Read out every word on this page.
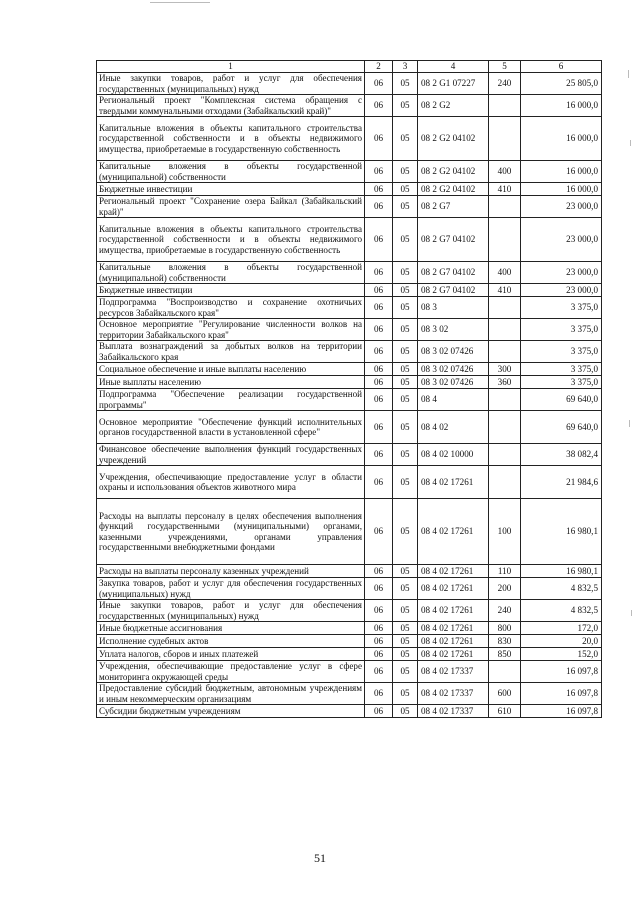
1	2	3	4	5	6
Иные закупки товаров, работ и услуг для обеспечения государственных (муниципальных) нужд	06	05	08 2 G1 07227	240	25 805,0
Региональный проект "Комплексная система обращения с твердыми коммунальными отходами (Забайкальский край)"	06	05	08 2 G2		16 000,0
Капитальные вложения в объекты капитального строительства государственной собственности и в объекты недвижимого имущества, приобретаемые в государственную собственность	06	05	08 2 G2 04102		16 000,0
Капитальные вложения в объекты государственной (муниципальной) собственности	06	05	08 2 G2 04102	400	16 000,0
Бюджетные инвестиции	06	05	08 2 G2 04102	410	16 000,0
Региональный проект "Сохранение озера Байкал (Забайкальский край)"	06	05	08 2 G7		23 000,0
Капитальные вложения в объекты капитального строительства государственной собственности и в объекты недвижимого имущества, приобретаемые в государственную собственность	06	05	08 2 G7 04102		23 000,0
Капитальные вложения в объекты государственной (муниципальной) собственности	06	05	08 2 G7 04102	400	23 000,0
Бюджетные инвестиции	06	05	08 2 G7 04102	410	23 000,0
Подпрограмма "Воспроизводство и сохранение охотничьих ресурсов Забайкальского края"	06	05	08 3		3 375,0
Основное мероприятие "Регулирование численности волков на территории Забайкальского края"	06	05	08 3 02		3 375,0
Выплата вознаграждений за добытых волков на территории Забайкальского края	06	05	08 3 02 07426		3 375,0
Социальное обеспечение и иные выплаты населению	06	05	08 3 02 07426	300	3 375,0
Иные выплаты населению	06	05	08 3 02 07426	360	3 375,0
Подпрограмма "Обеспечение реализации государственной программы"	06	05	08 4		69 640,0
Основное мероприятие "Обеспечение функций исполнительных органов государственной власти в установленной сфере"	06	05	08 4 02		69 640,0
Финансовое обеспечение выполнения функций государственных учреждений	06	05	08 4 02 10000		38 082,4
Учреждения, обеспечивающие предоставление услуг в области охраны и использования объектов животного мира	06	05	08 4 02 17261		21 984,6
Расходы на выплаты персоналу в целях обеспечения выполнения функций государственными (муниципальными) органами, казенными учреждениями, органами управления государственными внебюджетными фондами	06	05	08 4 02 17261	100	16 980,1
Расходы на выплаты персоналу казенных учреждений	06	05	08 4 02 17261	110	16 980,1
Закупка товаров, работ и услуг для обеспечения государственных (муниципальных) нужд	06	05	08 4 02 17261	200	4 832,5
Иные закупки товаров, работ и услуг для обеспечения государственных (муниципальных) нужд	06	05	08 4 02 17261	240	4 832,5
Иные бюджетные ассигнования	06	05	08 4 02 17261	800	172,0
Исполнение судебных актов	06	05	08 4 02 17261	830	20,0
Уплата налогов, сборов и иных платежей	06	05	08 4 02 17261	850	152,0
Учреждения, обеспечивающие предоставление услуг в сфере мониторинга окружающей среды	06	05	08 4 02 17337		16 097,8
Предоставление субсидий бюджетным, автономным учреждениям и иным некоммерческим организациям	06	05	08 4 02 17337	600	16 097,8
Субсидии бюджетным учреждениям	06	05	08 4 02 17337	610	16 097,8
51
